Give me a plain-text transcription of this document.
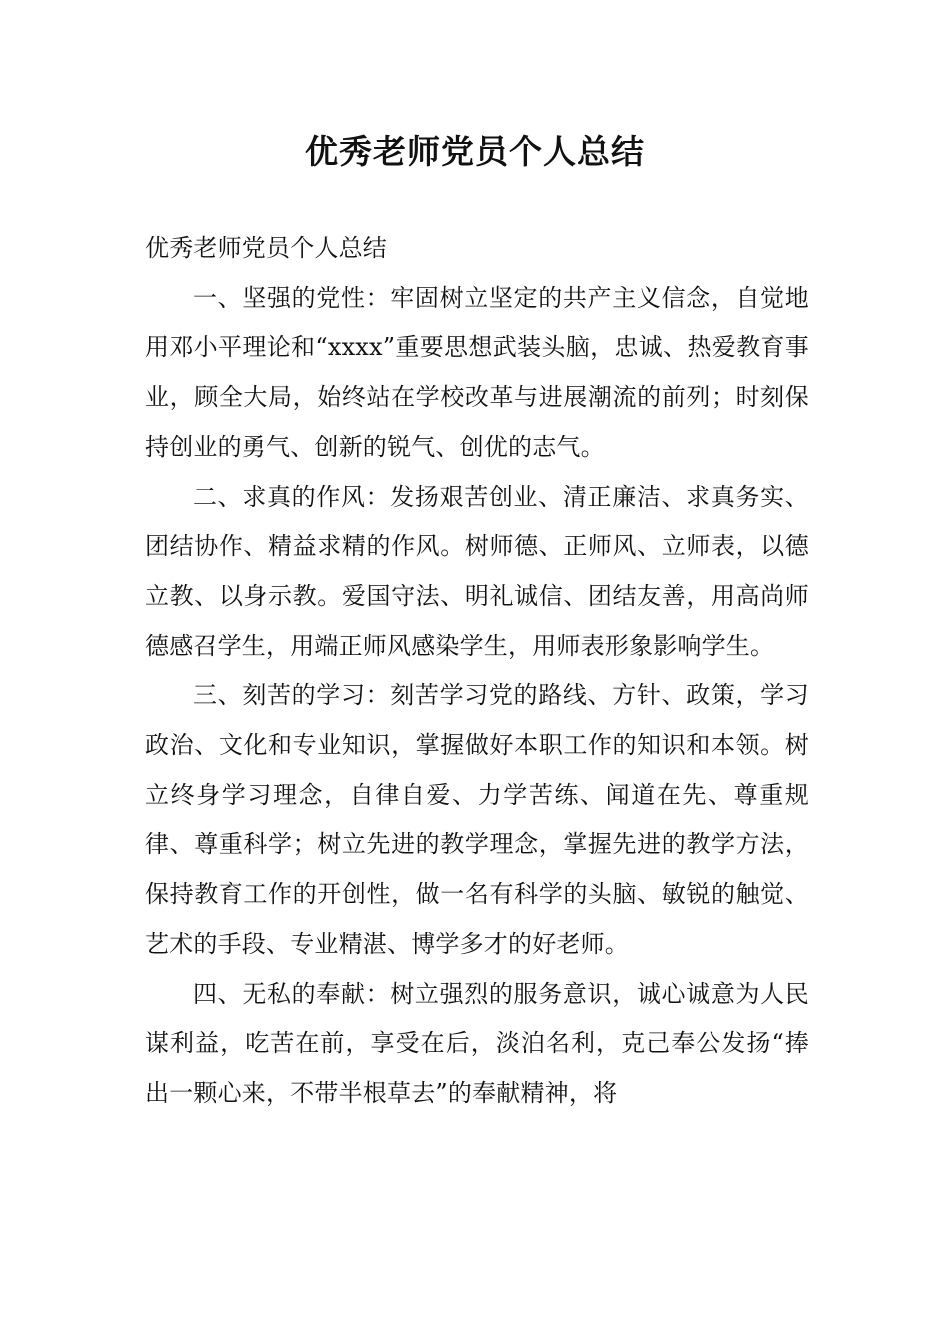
优秀老师党员个人总结

优秀老师党员个人总结

一、坚强的党性：牢固树立坚定的共产主义信念，自觉地用邓小平理论和“xxxx”重要思想武装头脑，忠诚、热爱教育事业，顾全大局，始终站在学校改革与进展潮流的前列；时刻保持创业的勇气、创新的锐气、创优的志气。

二、求真的作风：发扬艰苦创业、清正廉洁、求真务实、团结协作、精益求精的作风。树师德、正师风、立师表，以德立教、以身示教。爱国守法、明礼诚信、团结友善，用高尚师德感召学生，用端正师风感染学生，用师表形象影响学生。

三、刻苦的学习：刻苦学习党的路线、方针、政策，学习政治、文化和专业知识，掌握做好本职工作的知识和本领。树立终身学习理念，自律自爱、力学苦练、闻道在先、尊重规律、尊重科学；树立先进的教学理念，掌握先进的教学方法，保持教育工作的开创性，做一名有科学的头脑、敏锐的触觉、艺术的手段、专业精湛、博学多才的好老师。

四、无私的奉献：树立强烈的服务意识，诚心诚意为人民谋利益，吃苦在前，享受在后，淡泊名利，克己奉公发扬“捧出一颗心来，不带半根草去”的奉献精神，将
